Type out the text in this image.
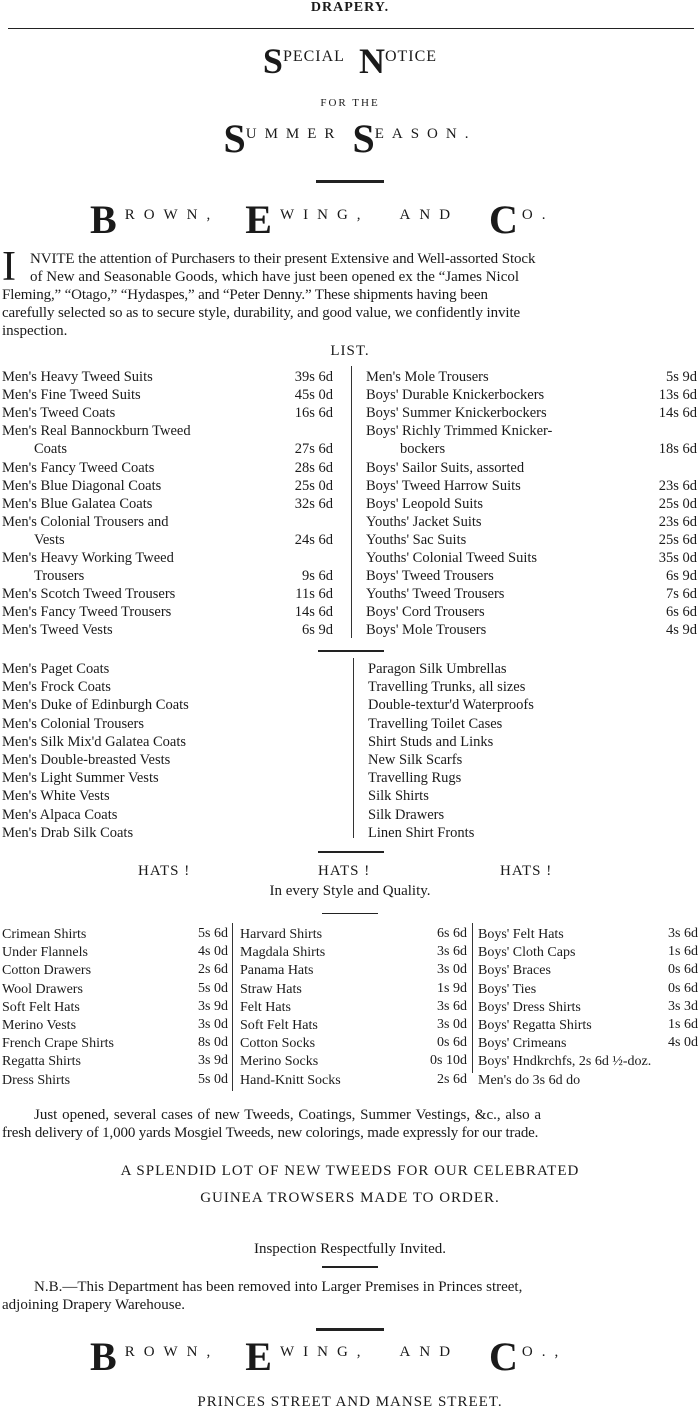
DRAPERY.
SPECIAL NOTICE
FOR THE
SUMMER SEASON.
BROWN, E WING, AND C O.
I NVITE the attention of Purchasers to their present Extensive and Well-assorted Stock
of New and Seasonable Goods, which have just been opened ex the “James Nicol
Fleming,” “Otago,” “Hydaspes,” and “Peter Denny.” These shipments having been
carefully selected so as to secure style, durability, and good value, we confidently invite
inspection.
LIST.
Men's Heavy Tweed Suits	39s 6d
Men's Fine Tweed Suits	45s 0d
Men's Tweed Coats	16s 6d
Men's Real Bannockburn Tweed
Coats	27s 6d
Men's Fancy Tweed Coats	28s 6d
Men's Blue Diagonal Coats	25s 0d
Men's Blue Galatea Coats	32s 6d
Men's Colonial Trousers and
Vests	24s 6d
Men's Heavy Working Tweed
Trousers	9s 6d
Men's Scotch Tweed Trousers	11s 6d
Men's Fancy Tweed Trousers	14s 6d
Men's Tweed Vests	6s 9d
Men's Mole Trousers	5s 9d
Boys' Durable Knickerbockers	13s 6d
Boys' Summer Knickerbockers	14s 6d
Boys' Richly Trimmed Knicker-
bockers	18s 6d
Boys' Sailor Suits, assorted
Boys' Tweed Harrow Suits	23s 6d
Boys' Leopold Suits	25s 0d
Youths' Jacket Suits	23s 6d
Youths' Sac Suits	25s 6d
Youths' Colonial Tweed Suits	35s 0d
Boys' Tweed Trousers	6s 9d
Youths' Tweed Trousers	7s 6d
Boys' Cord Trousers	6s 6d
Boys' Mole Trousers	4s 9d
Men's Paget Coats
Men's Frock Coats
Men's Duke of Edinburgh Coats
Men's Colonial Trousers
Men's Silk Mix'd Galatea Coats
Men's Double-breasted Vests
Men's Light Summer Vests
Men's White Vests
Men's Alpaca Coats
Men's Drab Silk Coats
Paragon Silk Umbrellas
Travelling Trunks, all sizes
Double-textur'd Waterproofs
Travelling Toilet Cases
Shirt Studs and Links
New Silk Scarfs
Travelling Rugs
Silk Shirts
Silk Drawers
Linen Shirt Fronts
HATS !	HATS !	HATS !
In every Style and Quality.
Crimean Shirts	5s 6d
Under Flannels	4s 0d
Cotton Drawers	2s 6d
Wool Drawers	5s 0d
Soft Felt Hats	3s 9d
Merino Vests	3s 0d
French Crape Shirts	8s 0d
Regatta Shirts	3s 9d
Dress Shirts	5s 0d
Harvard Shirts	6s 6d
Magdala Shirts	3s 6d
Panama Hats	3s 0d
Straw Hats	1s 9d
Felt Hats	3s 6d
Soft Felt Hats	3s 0d
Cotton Socks	0s 6d
Merino Socks	0s 10d
Hand-Knitt Socks	2s 6d
Boys' Felt Hats	3s 6d
Boys' Cloth Caps	1s 6d
Boys' Braces	0s 6d
Boys' Ties	0s 6d
Boys' Dress Shirts	3s 3d
Boys' Regatta Shirts	1s 6d
Boys' Crimeans	4s 0d
Boys' Hndkrchfs, 2s 6d ½-doz.
Men's do 3s 6d do
Just opened, several cases of new Tweeds, Coatings, Summer Vestings, &c., also a
fresh delivery of 1,000 yards Mosgiel Tweeds, new colorings, made expressly for our trade.
A SPLENDID LOT OF NEW TWEEDS FOR OUR CELEBRATED
GUINEA TROWSERS MADE TO ORDER.
Inspection Respectfully Invited.
N.B.—This Department has been removed into Larger Premises in Princes street,
adjoining Drapery Warehouse.
BROWN, E WING, AND C O.,
PRINCES STREET AND MANSE STREET.
